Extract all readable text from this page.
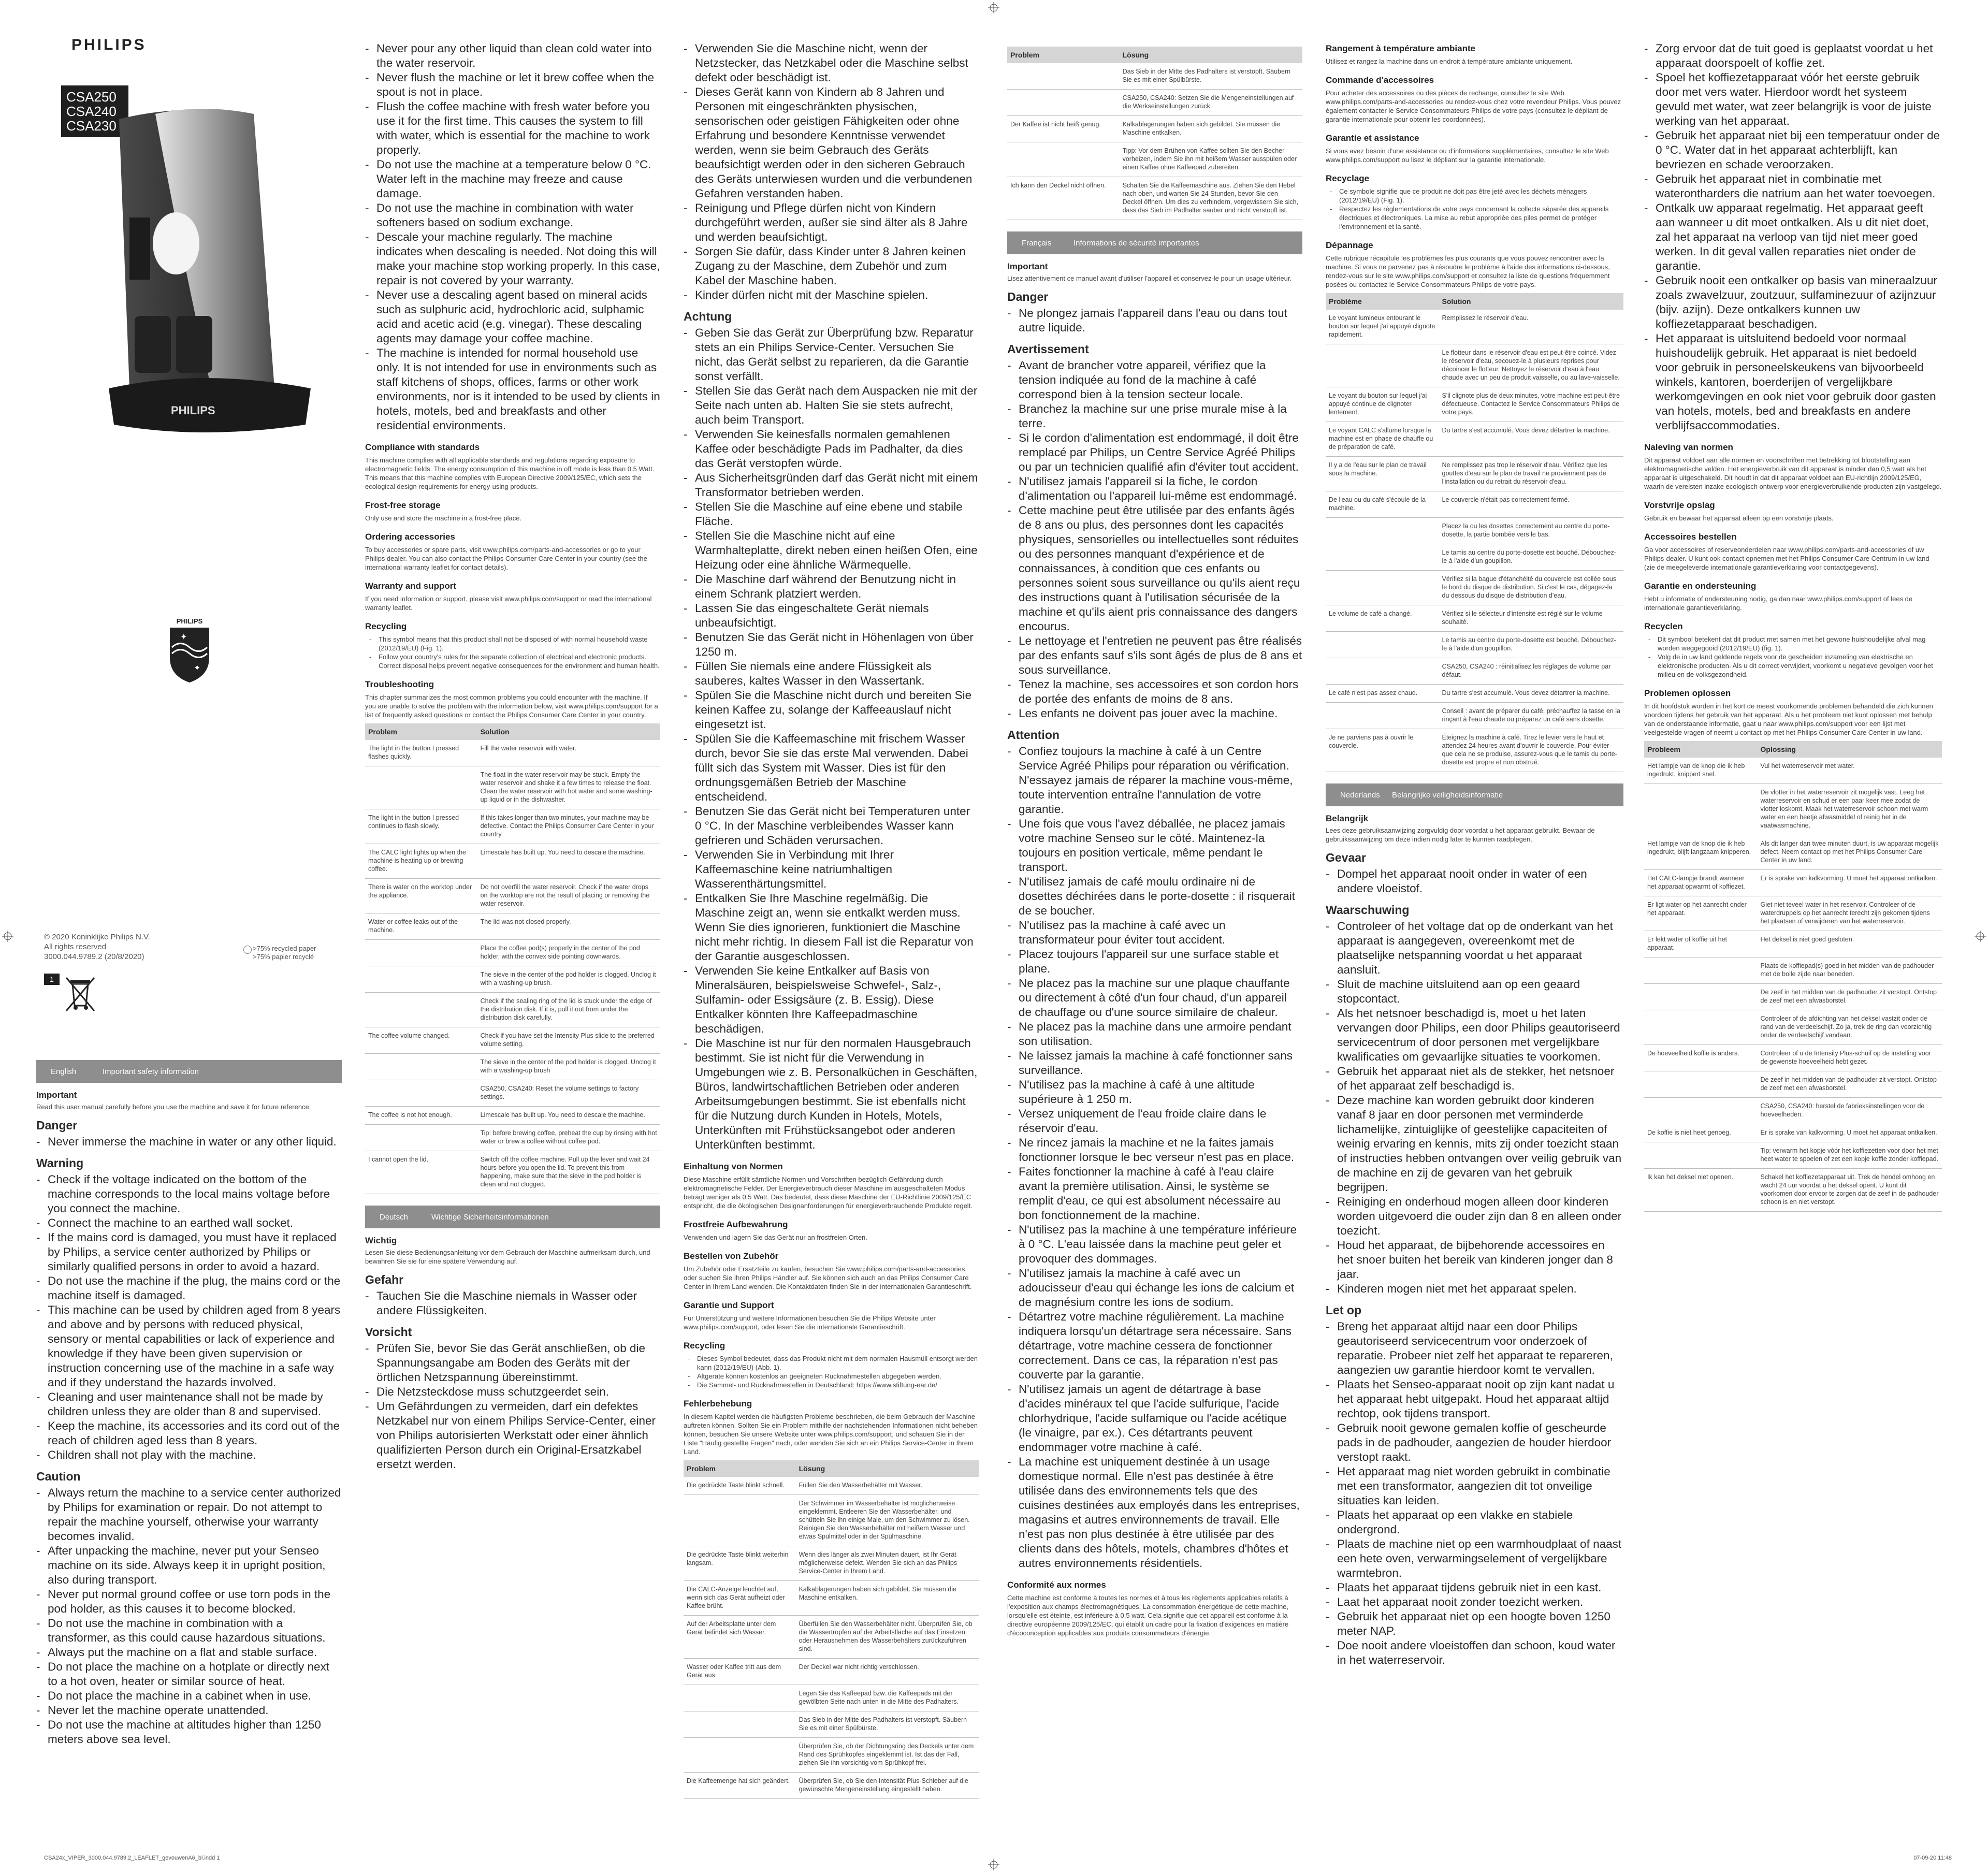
PHILIPS
CSA250
CSA240
CSA230
PHILIPS
PHILIPS
✦
✦
© 2020 Koninklijke Philips N.V.
All rights reserved
3000.044.9789.2 (20/8/2020)
>75% recycled paper
>75% papier recyclé
1
English	Important safety information
Important

Read this user manual carefully before you use the machine and save it for future reference.

Danger
- Never immerse the machine in water or any other liquid.
Warning
- Check if the voltage indicated on the bottom of the machine corresponds to the local mains voltage before you connect the machine.
- Connect the machine to an earthed wall socket.
- If the mains cord is damaged, you must have it replaced by Philips, a service center authorized by Philips or similarly qualified persons in order to avoid a hazard.
- Do not use the machine if the plug, the mains cord or the machine itself is damaged.
- This machine can be used by children aged from 8 years and above and by persons with reduced physical, sensory or mental capabilities or lack of experience and knowledge if they have been given supervision or instruction concerning use of the machine in a safe way and if they understand the hazards involved.
- Cleaning and user maintenance shall not be made by children unless they are older than 8 and supervised.
- Keep the machine, its accessories and its cord out of the reach of children aged less than 8 years.
- Children shall not play with the machine.
Caution
- Always return the machine to a service center authorized by Philips for examination or repair. Do not attempt to repair the machine yourself, otherwise your warranty becomes invalid.
- After unpacking the machine, never put your Senseo machine on its side. Always keep it in upright position, also during transport.
- Never put normal ground coffee or use torn pods in the pod holder, as this causes it to become blocked.
- Do not use the machine in combination with a transformer, as this could cause hazardous situations.
- Always put the machine on a flat and stable surface.
- Do not place the machine on a hotplate or directly next to a hot oven, heater or similar source of heat.
- Do not place the machine in a cabinet when in use.
- Never let the machine operate unattended.
- Do not use the machine at altitudes higher than 1250 meters above sea level.
- Never pour any other liquid than clean cold water into the water reservoir.
- Never flush the machine or let it brew coffee when the spout is not in place.
- Flush the coffee machine with fresh water before you use it for the first time. This causes the system to fill with water, which is essential for the machine to work properly.
- Do not use the machine at a temperature below 0 °C. Water left in the machine may freeze and cause damage.
- Do not use the machine in combination with water softeners based on sodium exchange.
- Descale your machine regularly. The machine indicates when descaling is needed. Not doing this will make your machine stop working properly. In this case, repair is not covered by your warranty.
- Never use a descaling agent based on mineral acids such as sulphuric acid, hydrochloric acid, sulphamic acid and acetic acid (e.g. vinegar). These descaling agents may damage your coffee machine.
- The machine is intended for normal household use only. It is not intended for use in environments such as staff kitchens of shops, offices, farms or other work environments, nor is it intended to be used by clients in hotels, motels, bed and breakfasts and other residential environments.
Compliance with standards

This machine complies with all applicable standards and regulations regarding exposure to electromagnetic fields. The energy consumption of this machine in off mode is less than 0.5 Watt. This means that this machine complies with European Directive 2009/125/EC, which sets the ecological design requirements for energy-using products.

Frost-free storage

Only use and store the machine in a frost-free place.

Ordering accessories

To buy accessories or spare parts, visit www.philips.com/parts-and-accessories or go to your Philips dealer. You can also contact the Philips Consumer Care Center in your country (see the international warranty leaflet for contact details).

Warranty and support

If you need information or support, please visit www.philips.com/support or read the international warranty leaflet.

Recycling
- This symbol means that this product shall not be disposed of with normal household waste (2012/19/EU) (Fig. 1).
- Follow your country's rules for the separate collection of electrical and electronic products. Correct disposal helps prevent negative consequences for the environment and human health.
Troubleshooting

This chapter summarizes the most common problems you could encounter with the machine. If you are unable to solve the problem with the information below, visit www.philips.com/support for a list of frequently asked questions or contact the Philips Consumer Care Center in your country.

Problem	Solution
The light in the button I pressed flashes quickly.	Fill the water reservoir with water.
	The float in the water reservoir may be stuck. Empty the water reservoir and shake it a few times to release the float. Clean the water reservoir with hot water and some washing-up liquid or in the dishwasher.
The light in the button I pressed continues to flash slowly.	If this takes longer than two minutes, your machine may be defective. Contact the Philips Consumer Care Center in your country.
The CALC light lights up when the machine is heating up or brewing coffee.	Limescale has built up. You need to descale the machine.
There is water on the worktop under the appliance.	Do not overfill the water reservoir. Check if the water drops on the worktop are not the result of placing or removing the water reservoir.
Water or coffee leaks out of the machine.	The lid was not closed properly.
	Place the coffee pod(s) properly in the center of the pod holder, with the convex side pointing downwards.
	The sieve in the center of the pod holder is clogged. Unclog it with a washing-up brush.
	Check if the sealing ring of the lid is stuck under the edge of the distribution disk. If it is, pull it out from under the distribution disk carefully.
The coffee volume changed.	Check if you have set the Intensity Plus slide to the preferred volume setting.
	The sieve in the center of the pod holder is clogged. Unclog it with a washing-up brush
	CSA250, CSA240: Reset the volume settings to factory settings.
The coffee is not hot enough.	Limescale has built up. You need to descale the machine.
	Tip: before brewing coffee, preheat the cup by rinsing with hot water or brew a coffee without coffee pod.
I cannot open the lid.	Switch off the coffee machine. Pull up the lever and wait 24 hours before you open the lid. To prevent this from happening, make sure that the sieve in the pod holder is clean and not clogged.
Deutsch	Wichtige Sicherheitsinformationen
Wichtig

Lesen Sie diese Bedienungsanleitung vor dem Gebrauch der Maschine aufmerksam durch, und bewahren Sie sie für eine spätere Verwendung auf.

Gefahr
- Tauchen Sie die Maschine niemals in Wasser oder andere Flüssigkeiten.
Vorsicht
- Prüfen Sie, bevor Sie das Gerät anschließen, ob die Spannungsangabe am Boden des Geräts mit der örtlichen Netzspannung übereinstimmt.
- Die Netzsteckdose muss schutzgeerdet sein.
- Um Gefährdungen zu vermeiden, darf ein defektes Netzkabel nur von einem Philips Service-Center, einer von Philips autorisierten Werkstatt oder einer ähnlich qualifizierten Person durch ein Original-Ersatzkabel ersetzt werden.
- Verwenden Sie die Maschine nicht, wenn der Netzstecker, das Netzkabel oder die Maschine selbst defekt oder beschädigt ist.
- Dieses Gerät kann von Kindern ab 8 Jahren und Personen mit eingeschränkten physischen, sensorischen oder geistigen Fähigkeiten oder ohne Erfahrung und besondere Kenntnisse verwendet werden, wenn sie beim Gebrauch des Geräts beaufsichtigt werden oder in den sicheren Gebrauch des Geräts unterwiesen wurden und die verbundenen Gefahren verstanden haben.
- Reinigung und Pflege dürfen nicht von Kindern durchgeführt werden, außer sie sind älter als 8 Jahre und werden beaufsichtigt.
- Sorgen Sie dafür, dass Kinder unter 8 Jahren keinen Zugang zu der Maschine, dem Zubehör und zum Kabel der Maschine haben.
- Kinder dürfen nicht mit der Maschine spielen.
Achtung
- Geben Sie das Gerät zur Überprüfung bzw. Reparatur stets an ein Philips Service-Center. Versuchen Sie nicht, das Gerät selbst zu reparieren, da die Garantie sonst verfällt.
- Stellen Sie das Gerät nach dem Auspacken nie mit der Seite nach unten ab. Halten Sie sie stets aufrecht, auch beim Transport.
- Verwenden Sie keinesfalls normalen gemahlenen Kaffee oder beschädigte Pads im Padhalter, da dies das Gerät verstopfen würde.
- Aus Sicherheitsgründen darf das Gerät nicht mit einem Transformator betrieben werden.
- Stellen Sie die Maschine auf eine ebene und stabile Fläche.
- Stellen Sie die Maschine nicht auf eine Warmhalteplatte, direkt neben einen heißen Ofen, eine Heizung oder eine ähnliche Wärmequelle.
- Die Maschine darf während der Benutzung nicht in einem Schrank platziert werden.
- Lassen Sie das eingeschaltete Gerät niemals unbeaufsichtigt.
- Benutzen Sie das Gerät nicht in Höhenlagen von über 1250 m.
- Füllen Sie niemals eine andere Flüssigkeit als sauberes, kaltes Wasser in den Wassertank.
- Spülen Sie die Maschine nicht durch und bereiten Sie keinen Kaffee zu, solange der Kaffeeauslauf nicht eingesetzt ist.
- Spülen Sie die Kaffeemaschine mit frischem Wasser durch, bevor Sie sie das erste Mal verwenden. Dabei füllt sich das System mit Wasser. Dies ist für den ordnungsgemäßen Betrieb der Maschine entscheidend.
- Benutzen Sie das Gerät nicht bei Temperaturen unter 0 °C. In der Maschine verbleibendes Wasser kann gefrieren und Schäden verursachen.
- Verwenden Sie in Verbindung mit Ihrer Kaffeemaschine keine natriumhaltigen Wasserenthärtungsmittel.
- Entkalken Sie Ihre Maschine regelmäßig. Die Maschine zeigt an, wenn sie entkalkt werden muss. Wenn Sie dies ignorieren, funktioniert die Maschine nicht mehr richtig. In diesem Fall ist die Reparatur von der Garantie ausgeschlossen.
- Verwenden Sie keine Entkalker auf Basis von Mineralsäuren, beispielsweise Schwefel-, Salz-, Sulfamin- oder Essigsäure (z. B. Essig). Diese Entkalker könnten Ihre Kaffeepadmaschine beschädigen.
- Die Maschine ist nur für den normalen Hausgebrauch bestimmt. Sie ist nicht für die Verwendung in Umgebungen wie z. B. Personalküchen in Geschäften, Büros, landwirtschaftlichen Betrieben oder anderen Arbeitsumgebungen bestimmt. Sie ist ebenfalls nicht für die Nutzung durch Kunden in Hotels, Motels, Unterkünften mit Frühstücksangebot oder anderen Unterkünften bestimmt.
Einhaltung von Normen

Diese Maschine erfüllt sämtliche Normen und Vorschriften bezüglich Gefährdung durch elektromagnetische Felder. Der Energieverbrauch dieser Maschine im ausgeschalteten Modus beträgt weniger als 0,5 Watt. Das bedeutet, dass diese Maschine der EU-Richtlinie 2009/125/EC entspricht, die die ökologischen Designanforderungen für energieverbrauchende Produkte regelt.

Frostfreie Aufbewahrung

Verwenden und lagern Sie das Gerät nur an frostfreien Orten.

Bestellen von Zubehör

Um Zubehör oder Ersatzteile zu kaufen, besuchen Sie www.philips.com/parts-and-accessories, oder suchen Sie Ihren Philips Händler auf. Sie können sich auch an das Philips Consumer Care Center in Ihrem Land wenden. Die Kontaktdaten finden Sie in der internationalen Garantieschrift.

Garantie und Support

Für Unterstützung und weitere Informationen besuchen Sie die Philips Website unter www.philips.com/support, oder lesen Sie die internationale Garantieschrift.

Recycling
- Dieses Symbol bedeutet, dass das Produkt nicht mit dem normalen Hausmüll entsorgt werden kann (2012/19/EU) (Abb. 1).
- Altgeräte können kostenlos an geeigneten Rücknahmestellen abgegeben werden.
- Die Sammel- und Rücknahmestellen in Deutschland: https://www.stiftung-ear.de/
Fehlerbehebung

In diesem Kapitel werden die häufigsten Probleme beschrieben, die beim Gebrauch der Maschine auftreten können. Sollten Sie ein Problem mithilfe der nachstehenden Informationen nicht beheben können, besuchen Sie unsere Website unter www.philips.com/support, und schauen Sie in der Liste "Häufig gestellte Fragen" nach, oder wenden Sie sich an ein Philips Service-Center in Ihrem Land.

Problem	Lösung
Die gedrückte Taste blinkt schnell.	Füllen Sie den Wasserbehälter mit Wasser.
	Der Schwimmer im Wasserbehälter ist möglicherweise eingeklemmt. Entleeren Sie den Wasserbehälter, und schütteln Sie ihn einige Male, um den Schwimmer zu lösen. Reinigen Sie den Wasserbehälter mit heißem Wasser und etwas Spülmittel oder in der Spülmaschine.
Die gedrückte Taste blinkt weiterhin langsam.	Wenn dies länger als zwei Minuten dauert, ist Ihr Gerät möglicherweise defekt. Wenden Sie sich an das Philips Service-Center in Ihrem Land.
Die CALC-Anzeige leuchtet auf, wenn sich das Gerät aufheizt oder Kaffee brüht.	Kalkablagerungen haben sich gebildet. Sie müssen die Maschine entkalken.
Auf der Arbeitsplatte unter dem Gerät befindet sich Wasser.	Überfüllen Sie den Wasserbehälter nicht. Überprüfen Sie, ob die Wassertropfen auf der Arbeitsfläche auf das Einsetzen oder Herausnehmen des Wasserbehälters zurückzuführen sind.
Wasser oder Kaffee tritt aus dem Gerät aus.	Der Deckel war nicht richtig verschlossen.
	Legen Sie das Kaffeepad bzw. die Kaffeepads mit der gewölbten Seite nach unten in die Mitte des Padhalters.
	Das Sieb in der Mitte des Padhalters ist verstopft. Säubern Sie es mit einer Spülbürste.
	Überprüfen Sie, ob der Dichtungsring des Deckels unter dem Rand des Sprühkopfes eingeklemmt ist. Ist das der Fall, ziehen Sie ihn vorsichtig vom Sprühkopf frei.
Die Kaffeemenge hat sich geändert.	Überprüfen Sie, ob Sie den Intensität Plus-Schieber auf die gewünschte Mengeneinstellung eingestellt haben.
Problem	Lösung
	Das Sieb in der Mitte des Padhalters ist verstopft. Säubern Sie es mit einer Spülbürste.
	CSA250, CSA240: Setzen Sie die Mengeneinstellungen auf die Werkseinstellungen zurück.
Der Kaffee ist nicht heiß genug.	Kalkablagerungen haben sich gebildet. Sie müssen die Maschine entkalken.
	Tipp: Vor dem Brühen von Kaffee sollten Sie den Becher vorheizen, indem Sie ihn mit heißem Wasser ausspülen oder einen Kaffee ohne Kaffeepad zubereiten.
Ich kann den Deckel nicht öffnen.	Schalten Sie die Kaffeemaschine aus. Ziehen Sie den Hebel nach oben, und warten Sie 24 Stunden, bevor Sie den Deckel öffnen. Um dies zu verhindern, vergewissern Sie sich, dass das Sieb im Padhalter sauber und nicht verstopft ist.
Français	Informations de sécurité importantes
Important

Lisez attentivement ce manuel avant d'utiliser l'appareil et conservez-le pour un usage ultérieur.

Danger
- Ne plongez jamais l'appareil dans l'eau ou dans tout autre liquide.
Avertissement
- Avant de brancher votre appareil, vérifiez que la tension indiquée au fond de la machine à café correspond bien à la tension secteur locale.
- Branchez la machine sur une prise murale mise à la terre.
- Si le cordon d'alimentation est endommagé, il doit être remplacé par Philips, un Centre Service Agréé Philips ou par un technicien qualifié afin d'éviter tout accident.
- N'utilisez jamais l'appareil si la fiche, le cordon d'alimentation ou l'appareil lui-même est endommagé.
- Cette machine peut être utilisée par des enfants âgés de 8 ans ou plus, des personnes dont les capacités physiques, sensorielles ou intellectuelles sont réduites ou des personnes manquant d'expérience et de connaissances, à condition que ces enfants ou personnes soient sous surveillance ou qu'ils aient reçu des instructions quant à l'utilisation sécurisée de la machine et qu'ils aient pris connaissance des dangers encourus.
- Le nettoyage et l'entretien ne peuvent pas être réalisés par des enfants sauf s'ils sont âgés de plus de 8 ans et sous surveillance.
- Tenez la machine, ses accessoires et son cordon hors de portée des enfants de moins de 8 ans.
- Les enfants ne doivent pas jouer avec la machine.
Attention
- Confiez toujours la machine à café à un Centre Service Agréé Philips pour réparation ou vérification. N'essayez jamais de réparer la machine vous-même, toute intervention entraîne l'annulation de votre garantie.
- Une fois que vous l'avez déballée, ne placez jamais votre machine Senseo sur le côté. Maintenez-la toujours en position verticale, même pendant le transport.
- N'utilisez jamais de café moulu ordinaire ni de dosettes déchirées dans le porte-dosette : il risquerait de se boucher.
- N'utilisez pas la machine à café avec un transformateur pour éviter tout accident.
- Placez toujours l'appareil sur une surface stable et plane.
- Ne placez pas la machine sur une plaque chauffante ou directement à côté d'un four chaud, d'un appareil de chauffage ou d'une source similaire de chaleur.
- Ne placez pas la machine dans une armoire pendant son utilisation.
- Ne laissez jamais la machine à café fonctionner sans surveillance.
- N'utilisez pas la machine à café à une altitude supérieure à 1 250 m.
- Versez uniquement de l'eau froide claire dans le réservoir d'eau.
- Ne rincez jamais la machine et ne la faites jamais fonctionner lorsque le bec verseur n'est pas en place.
- Faites fonctionner la machine à café à l'eau claire avant la première utilisation. Ainsi, le système se remplit d'eau, ce qui est absolument nécessaire au bon fonctionnement de la machine.
- N'utilisez pas la machine à une température inférieure à 0 °C. L'eau laissée dans la machine peut geler et provoquer des dommages.
- N'utilisez jamais la machine à café avec un adoucisseur d'eau qui échange les ions de calcium et de magnésium contre les ions de sodium.
- Détartrez votre machine régulièrement. La machine indiquera lorsqu'un détartrage sera nécessaire. Sans détartrage, votre machine cessera de fonctionner correctement. Dans ce cas, la réparation n'est pas couverte par la garantie.
- N'utilisez jamais un agent de détartrage à base d'acides minéraux tel que l'acide sulfurique, l'acide chlorhydrique, l'acide sulfamique ou l'acide acétique (le vinaigre, par ex.). Ces détartrants peuvent endommager votre machine à café.
- La machine est uniquement destinée à un usage domestique normal. Elle n'est pas destinée à être utilisée dans des environnements tels que des cuisines destinées aux employés dans les entreprises, magasins et autres environnements de travail. Elle n'est pas non plus destinée à être utilisée par des clients dans des hôtels, motels, chambres d'hôtes et autres environnements résidentiels.
Conformité aux normes

Cette machine est conforme à toutes les normes et à tous les règlements applicables relatifs à l'exposition aux champs électromagnétiques. La consommation énergétique de cette machine, lorsqu'elle est éteinte, est inférieure à 0,5 watt. Cela signifie que cet appareil est conforme à la directive européenne 2009/125/EC, qui établit un cadre pour la fixation d'exigences en matière d'écoconception applicables aux produits consommateurs d'énergie.

Rangement à température ambiante

Utilisez et rangez la machine dans un endroit à température ambiante uniquement.

Commande d'accessoires

Pour acheter des accessoires ou des pièces de rechange, consultez le site Web www.philips.com/parts-and-accessories ou rendez-vous chez votre revendeur Philips. Vous pouvez également contacter le Service Consommateurs Philips de votre pays (consultez le dépliant de garantie internationale pour obtenir les coordonnées).

Garantie et assistance

Si vous avez besoin d'une assistance ou d'informations supplémentaires, consultez le site Web www.philips.com/support ou lisez le dépliant sur la garantie internationale.

Recyclage
- Ce symbole signifie que ce produit ne doit pas être jeté avec les déchets ménagers (2012/19/EU) (Fig. 1).
- Respectez les réglementations de votre pays concernant la collecte séparée des appareils électriques et électroniques. La mise au rebut appropriée des piles permet de protéger l'environnement et la santé.
Dépannage

Cette rubrique récapitule les problèmes les plus courants que vous pouvez rencontrer avec la machine. Si vous ne parvenez pas à résoudre le problème à l'aide des informations ci-dessous, rendez-vous sur le site www.philips.com/support et consultez la liste de questions fréquemment posées ou contactez le Service Consommateurs Philips de votre pays.

Problème	Solution
Le voyant lumineux entourant le bouton sur lequel j'ai appuyé clignote rapidement.	Remplissez le réservoir d'eau.
	Le flotteur dans le réservoir d'eau est peut-être coincé. Videz le réservoir d'eau, secouez-le à plusieurs reprises pour décoincer le flotteur. Nettoyez le réservoir d'eau à l'eau chaude avec un peu de produit vaisselle, ou au lave-vaisselle.
Le voyant du bouton sur lequel j'ai appuyé continue de clignoter lentement.	S'il clignote plus de deux minutes, votre machine est peut-être défectueuse. Contactez le Service Consommateurs Philips de votre pays.
Le voyant CALC s'allume lorsque la machine est en phase de chauffe ou de préparation de café.	Du tartre s'est accumulé. Vous devez détartrer la machine.
Il y a de l'eau sur le plan de travail sous la machine.	Ne remplissez pas trop le réservoir d'eau. Vérifiez que les gouttes d'eau sur le plan de travail ne proviennent pas de l'installation ou du retrait du réservoir d'eau.
De l'eau ou du café s'écoule de la machine.	Le couvercle n'était pas correctement fermé.
	Placez la ou les dosettes correctement au centre du porte-dosette, la partie bombée vers le bas.
	Le tamis au centre du porte-dosette est bouché. Débouchez-le à l'aide d'un goupillon.
	Vérifiez si la bague d'étanchéité du couvercle est collée sous le bord du disque de distribution. Si c'est le cas, dégagez-la du dessous du disque de distribution d'eau.
Le volume de café a changé.	Vérifiez si le sélecteur d'intensité est réglé sur le volume souhaité.
	Le tamis au centre du porte-dosette est bouché. Débouchez-le à l'aide d'un goupillon.
	CSA250, CSA240 : réinitialisez les réglages de volume par défaut.
Le café n'est pas assez chaud.	Du tartre s'est accumulé. Vous devez détartrer la machine.
	Conseil : avant de préparer du café, préchauffez la tasse en la rinçant à l'eau chaude ou préparez un café sans dosette.
Je ne parviens pas à ouvrir le couvercle.	Éteignez la machine à café. Tirez le levier vers le haut et attendez 24 heures avant d'ouvrir le couvercle. Pour éviter que cela ne se produise, assurez-vous que le tamis du porte-dosette est propre et non obstrué.
Nederlands	Belangrijke veiligheidsinformatie
Belangrijk

Lees deze gebruiksaanwijzing zorgvuldig door voordat u het apparaat gebruikt. Bewaar de gebruiksaanwijzing om deze indien nodig later te kunnen raadplegen.

Gevaar
- Dompel het apparaat nooit onder in water of een andere vloeistof.
Waarschuwing
- Controleer of het voltage dat op de onderkant van het apparaat is aangegeven, overeenkomt met de plaatselijke netspanning voordat u het apparaat aansluit.
- Sluit de machine uitsluitend aan op een geaard stopcontact.
- Als het netsnoer beschadigd is, moet u het laten vervangen door Philips, een door Philips geautoriseerd servicecentrum of door personen met vergelijkbare kwalificaties om gevaarlijke situaties te voorkomen.
- Gebruik het apparaat niet als de stekker, het netsnoer of het apparaat zelf beschadigd is.
- Deze machine kan worden gebruikt door kinderen vanaf 8 jaar en door personen met verminderde lichamelijke, zintuiglijke of geestelijke capaciteiten of weinig ervaring en kennis, mits zij onder toezicht staan of instructies hebben ontvangen over veilig gebruik van de machine en zij de gevaren van het gebruik begrijpen.
- Reiniging en onderhoud mogen alleen door kinderen worden uitgevoerd die ouder zijn dan 8 en alleen onder toezicht.
- Houd het apparaat, de bijbehorende accessoires en het snoer buiten het bereik van kinderen jonger dan 8 jaar.
- Kinderen mogen niet met het apparaat spelen.
Let op
- Breng het apparaat altijd naar een door Philips geautoriseerd servicecentrum voor onderzoek of reparatie. Probeer niet zelf het apparaat te repareren, aangezien uw garantie hierdoor komt te vervallen.
- Plaats het Senseo-apparaat nooit op zijn kant nadat u het apparaat hebt uitgepakt. Houd het apparaat altijd rechtop, ook tijdens transport.
- Gebruik nooit gewone gemalen koffie of gescheurde pads in de padhouder, aangezien de houder hierdoor verstopt raakt.
- Het apparaat mag niet worden gebruikt in combinatie met een transformator, aangezien dit tot onveilige situaties kan leiden.
- Plaats het apparaat op een vlakke en stabiele ondergrond.
- Plaats de machine niet op een warmhoudplaat of naast een hete oven, verwarmingselement of vergelijkbare warmtebron.
- Plaats het apparaat tijdens gebruik niet in een kast.
- Laat het apparaat nooit zonder toezicht werken.
- Gebruik het apparaat niet op een hoogte boven 1250 meter NAP.
- Doe nooit andere vloeistoffen dan schoon, koud water in het waterreservoir.
- Zorg ervoor dat de tuit goed is geplaatst voordat u het apparaat doorspoelt of koffie zet.
- Spoel het koffiezetapparaat vóór het eerste gebruik door met vers water. Hierdoor wordt het systeem gevuld met water, wat zeer belangrijk is voor de juiste werking van het apparaat.
- Gebruik het apparaat niet bij een temperatuur onder de 0 °C. Water dat in het apparaat achterblijft, kan bevriezen en schade veroorzaken.
- Gebruik het apparaat niet in combinatie met waterontharders die natrium aan het water toevoegen.
- Ontkalk uw apparaat regelmatig. Het apparaat geeft aan wanneer u dit moet ontkalken. Als u dit niet doet, zal het apparaat na verloop van tijd niet meer goed werken. In dit geval vallen reparaties niet onder de garantie.
- Gebruik nooit een ontkalker op basis van mineraalzuur zoals zwavelzuur, zoutzuur, sulfaminezuur of azijnzuur (bijv. azijn). Deze ontkalkers kunnen uw koffiezetapparaat beschadigen.
- Het apparaat is uitsluitend bedoeld voor normaal huishoudelijk gebruik. Het apparaat is niet bedoeld voor gebruik in personeelskeukens van bijvoorbeeld winkels, kantoren, boerderijen of vergelijkbare werkomgevingen en ook niet voor gebruik door gasten van hotels, motels, bed and breakfasts en andere verblijfsaccommodaties.
Naleving van normen

Dit apparaat voldoet aan alle normen en voorschriften met betrekking tot blootstelling aan elektromagnetische velden. Het energieverbruik van dit apparaat is minder dan 0,5 watt als het apparaat is uitgeschakeld. Dit houdt in dat dit apparaat voldoet aan EU-richtlijn 2009/125/EG, waarin de vereisten inzake ecologisch ontwerp voor energieverbruikende producten zijn vastgelegd.

Vorstvrije opslag

Gebruik en bewaar het apparaat alleen op een vorstvrije plaats.

Accessoires bestellen

Ga voor accessoires of reserveonderdelen naar www.philips.com/parts-and-accessories of uw Philips-dealer. U kunt ook contact opnemen met het Philips Consumer Care Centrum in uw land (zie de meegeleverde internationale garantieverklaring voor contactgegevens).

Garantie en ondersteuning

Hebt u informatie of ondersteuning nodig, ga dan naar www.philips.com/support of lees de internationale garantieverklaring.

Recyclen
- Dit symbool betekent dat dit product met samen met het gewone huishoudelijke afval mag worden weggegooid (2012/19/EU) (fig. 1).
- Volg de in uw land geldende regels voor de gescheiden inzameling van elektrische en elektronische producten. Als u dit correct verwijdert, voorkomt u negatieve gevolgen voor het milieu en de volksgezondheid.
Problemen oplossen

In dit hoofdstuk worden in het kort de meest voorkomende problemen behandeld die zich kunnen voordoen tijdens het gebruik van het apparaat. Als u het probleem niet kunt oplossen met behulp van de onderstaande informatie, gaat u naar www.philips.com/support voor een lijst met veelgestelde vragen of neemt u contact op met het Philips Consumer Care Center in uw land.

Probleem	Oplossing
Het lampje van de knop die ik heb ingedrukt, knippert snel.	Vul het waterreservoir met water.
	De vlotter in het waterreservoir zit mogelijk vast. Leeg het waterreservoir en schud er een paar keer mee zodat de vlotter loskomt. Maak het waterreservoir schoon met warm water en een beetje afwasmiddel of reinig het in de vaatwasmachine.
Het lampje van de knop die ik heb ingedrukt, blijft langzaam knipperen.	Als dit langer dan twee minuten duurt, is uw apparaat mogelijk defect. Neem contact op met het Philips Consumer Care Center in uw land.
Het CALC-lampje brandt wanneer het apparaat opwarmt of koffiezet.	Er is sprake van kalkvorming. U moet het apparaat ontkalken.
Er ligt water op het aanrecht onder het apparaat.	Giet niet teveel water in het reservoir. Controleer of de waterdruppels op het aanrecht terecht zijn gekomen tijdens het plaatsen of verwijderen van het waterreservoir.
Er lekt water of koffie uit het apparaat.	Het deksel is niet goed gesloten.
	Plaats de koffiepad(s) goed in het midden van de padhouder met de bolle zijde naar beneden.
	De zeef in het midden van de padhouder zit verstopt. Ontstop de zeef met een afwasborstel.
	Controleer of de afdichting van het deksel vastzit onder de rand van de verdeelschijf. Zo ja, trek de ring dan voorzichtig onder de verdeelschijf vandaan.
De hoeveelheid koffie is anders.	Controleer of u de Intensity Plus-schuif op de instelling voor de gewenste hoeveelheid hebt gezet.
	De zeef in het midden van de padhouder zit verstopt. Ontstop de zeef met een afwasborstel.
	CSA250, CSA240: herstel de fabrieksinstellingen voor de hoeveelheden.
De koffie is niet heet genoeg.	Er is sprake van kalkvorming. U moet het apparaat ontkalken.
	Tip: verwarm het kopje vóór het koffiezetten voor door het met heet water te spoelen of zet een kopje koffie zonder koffiepad.
Ik kan het deksel niet openen.	Schakel het koffiezetapparaat uit. Trek de hendel omhoog en wacht 24 uur voordat u het deksel opent. U kunt dit voorkomen door ervoor te zorgen dat de zeef in de padhouder schoon is en niet verstopt.
CSA24x_VIPER_3000.044.9789.2_LEAFLET_gevouwenA6_bl.indd 1	07-09-20 11:48
